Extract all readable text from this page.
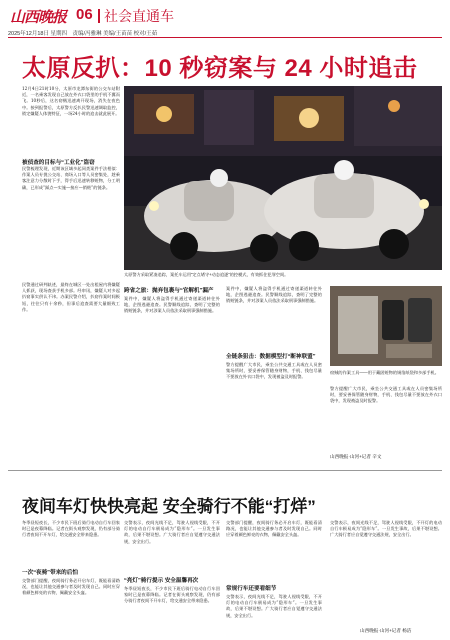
山西晚报 06 社会直通车
2025年12月18日 星期四　责编/冯雅琳 美编/王苗苗 校对/王茹
太原反扒：10 秒窃案与 24 小时追击
12月4日21时10分，太原市龙潭东街的公交车站附近，一名乘客发现自己放在外衣口袋里的手机不翼而飞。10秒后，这名窃贼迅速离开现场，消失在夜色中。接到报警后，太原警方反扒民警迅速调取监控，锁定嫌疑人体貌特征，一场24小时的追击就此展开。
被侦查的目标与“工业化”盗窃
民警梳理发现，近期该区域多起同类案件手法相似：作案人员专挑公交站、商场入口等人员密集处，趁乘客注意力分散时下手，得手后迅速转移赃物，分工明确，已形成“踩点—实施—接应—销赃”的链条。
民警通过研判轨迹，最终在城区一处出租屋内将嫌疑人抓获，现场查获手机多部。经审讯，嫌疑人对多起扒窃事实供认不讳。办案民警介绍，扒窃作案时间极短，往往只有十余秒，但事后追查需要大量细致工作。
太原警方采取紧凑追踪，案托车运用“定点堵守+动态追逐”的控模式，有效抓住犯罪空间。
跨省之旅：抛弃包裹与“官解机”漏产
案件中，嫌疑人将盗得手机通过寄递渠道转往外地，企图逃避追查。民警顺线追踪，查明了完整的销赃链条，并对涉案人员依法采取刑事强制措施。
案件中，嫌疑人将盗得手机通过寄递渠道转往外地，企图逃避追查。民警顺线追踪，查明了完整的销赃链条，并对涉案人员依法采取刑事强制措施。
全链条狙击：数据模型打“断神联盟”
警方提醒广大市民，乘坐公共交通工具或在人员密集场所时，要妥善保管随身财物，手机、钱包尽量不要放在外衣口袋中，发现被盗及时报警。
窃贼的作案工具——用于藏匿赃物的锡箔纸袋和多部手机。
警方提醒广大市民，乘坐公共交通工具或在人员密集场所时，要妥善保管随身财物，手机、钱包尽量不要放在外衣口袋中，发现被盗及时报警。
山西晚报·山河+记者 辛文
夜间车灯快快亮起 安全骑行不能“打烊”
冬季昼短夜长，不少市民下班后骑行电动自行车回家时已是夜幕降临。记者在街头观察发现，仍有部分骑行者夜间不开车灯，给交通安全带来隐患。
一次“夜骑”带来的后怕
交警部门提醒，夜间骑行务必开启车灯，既能看清路况，也能让其他交通参与者及时发现自己。同时应穿着颜色鲜亮的衣物，佩戴安全头盔。
交警表示，夜间光线不足，驾驶人视线受限，不开灯的电动自行车极易成为“隐形车”。一旦发生事故，后果不堪设想。广大骑行者应自觉遵守交通法规，安全出行。
“亮灯”骑行提示 安全温馨再次
冬季昼短夜长，不少市民下班后骑行电动自行车回家时已是夜幕降临。记者在街头观察发现，仍有部分骑行者夜间不开车灯，给交通安全带来隐患。
交警部门提醒，夜间骑行务必开启车灯，既能看清路况，也能让其他交通参与者及时发现自己。同时应穿着颜色鲜亮的衣物，佩戴安全头盔。
常规行车还要看细节
交警表示，夜间光线不足，驾驶人视线受限，不开灯的电动自行车极易成为“隐形车”。一旦发生事故，后果不堪设想。广大骑行者应自觉遵守交通法规，安全出行。
交警表示，夜间光线不足，驾驶人视线受限，不开灯的电动自行车极易成为“隐形车”。一旦发生事故，后果不堪设想。广大骑行者应自觉遵守交通法规，安全出行。
山西晚报·山河+记者 杨洁
